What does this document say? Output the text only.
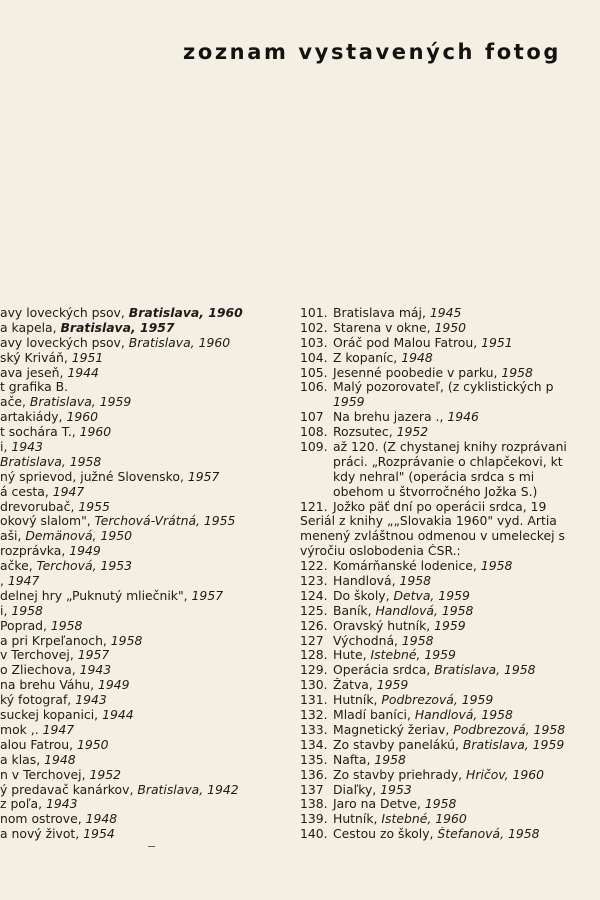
zoznam vystavených fotog
avy loveckých psov, Bratislava, 1960
a kapela, Bratislava, 1957
avy loveckých psov, Bratislava, 1960
ský Kriváň, 1951
ava jeseň, 1944
t grafika B.
ače, Bratislava, 1959
artakiády, 1960
t sochára T., 1960
i, 1943
Bratislava, 1958
ný sprievod, južné Slovensko, 1957
á cesta, 1947
drevorubač, 1955
okový slalom", Terchová-Vrátná, 1955
aši, Demänová, 1950
rozprávka, 1949
ačke, Terchová, 1953
, 1947
delnej hry „Puknutý mliečnik", 1957
i, 1958
Poprad, 1958
a pri Krpeľanoch, 1958
v Terchovej, 1957
o Zliechova, 1943
na brehu Váhu, 1949
ký fotograf, 1943
suckej kopanici, 1944
mok ,. 1947
alou Fatrou, 1950
a klas, 1948
n v Terchovej, 1952
ý predavač kanárkov, Bratislava, 1942
z poľa, 1943
nom ostrove, 1948
a nový život, 1954
101. Bratislava máj, 1945
102. Starena v okne, 1950
103. Oráč pod Malou Fatrou, 1951
104. Z kopaníc, 1948
105. Jesenné poobedie v parku, 1958
106. Malý pozorovateľ, (z cyklistických p
1959
107 Na brehu jazera ., 1946
108. Rozsutec, 1952
109. až 120. (Z chystanej knihy rozprávani
práci. „Rozprávanie o chlapčekovi, kt
kdy nehral" (operácia srdca s mi
obehom u štvorročného Jožka S.)
121. Jožko päť dní po operácii srdca, 19
Seriál z knihy „„Slovakia 1960" vyd. Artia
menený zvláštnou odmenou v umeleckej s
výročiu oslobodenia ČSR.:
122. Komárňanské lodenice, 1958
123. Handlová, 1958
124. Do školy, Detva, 1959
125. Baník, Handlová, 1958
126. Oravský hutník, 1959
127 Východná, 1958
128. Hute, Istebné, 1959
129. Operácia srdca, Bratislava, 1958
130. Žatva, 1959
131. Hutník, Podbrezová, 1959
132. Mladí baníci, Handlová, 1958
133. Magnetický žeriav, Podbrezová, 1958
134. Zo stavby panelákú, Bratislava, 1959
135. Nafta, 1958
136. Zo stavby priehrady, Hričov, 1960
137 Diaľky, 1953
138. Jaro na Detve, 1958
139. Hutník, Istebné, 1960
140. Cestou zo školy, Štefanová, 1958
